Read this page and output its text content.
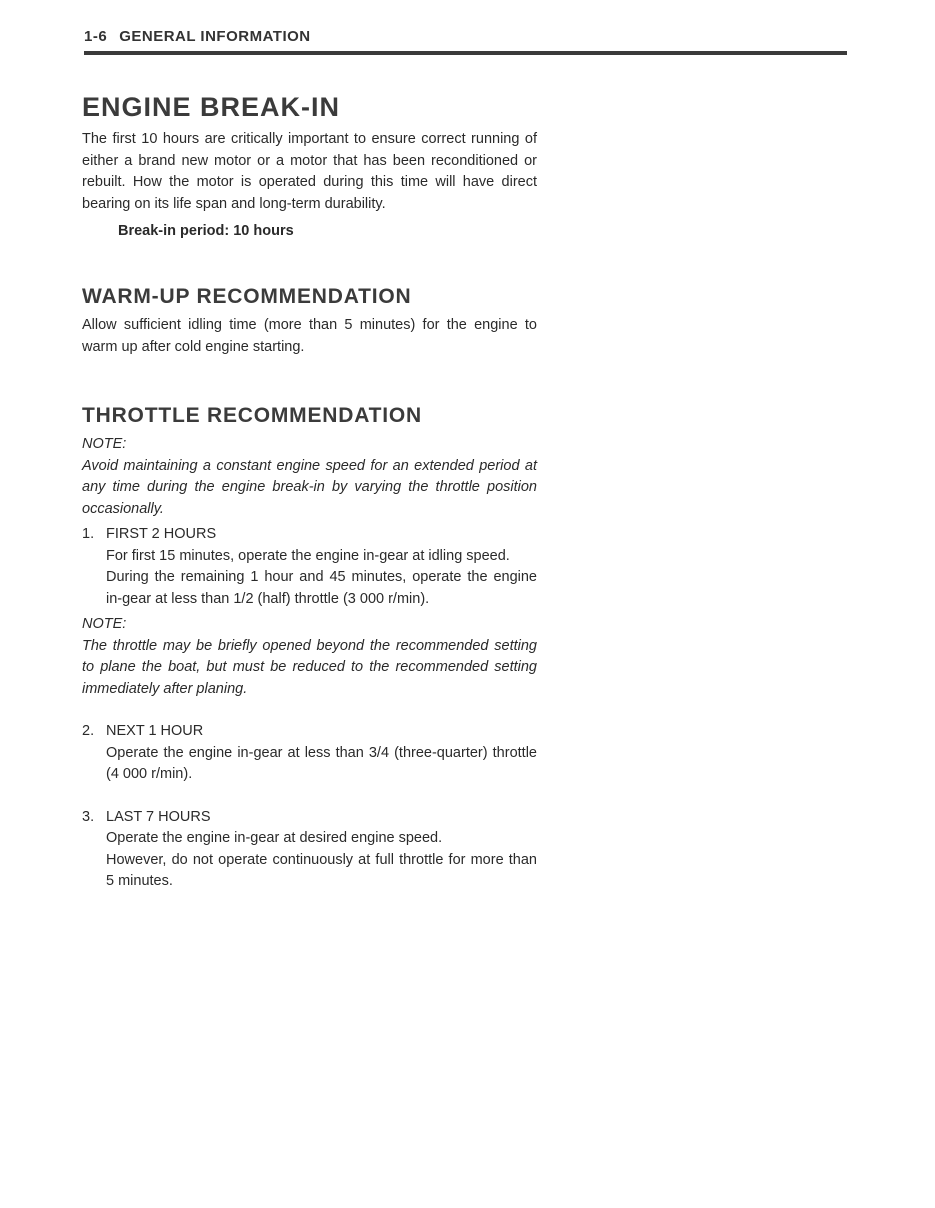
1-6 GENERAL INFORMATION
ENGINE BREAK-IN

The first 10 hours are critically important to ensure correct running of either a brand new motor or a motor that has been reconditioned or rebuilt. How the motor is operated during this time will have direct bearing on its life span and long-term durability.

Break-in period: 10 hours
WARM-UP RECOMMENDATION

Allow sufficient idling time (more than 5 minutes) for the engine to warm up after cold engine starting.

THROTTLE RECOMMENDATION
NOTE:
Avoid maintaining a constant engine speed for an extended period at any time during the engine break-in by varying the throttle position occasionally.
1. FIRST 2 HOURS

For first 15 minutes, operate the engine in-gear at idling speed.

During the remaining 1 hour and 45 minutes, operate the engine in-gear at less than 1/2 (half) throttle (3 000 r/min).

NOTE:
The throttle may be briefly opened beyond the recommended setting to plane the boat, but must be reduced to the recommended setting immediately after planing.
2. NEXT 1 HOUR

Operate the engine in-gear at less than 3/4 (three-quarter) throttle (4 000 r/min).

3. LAST 7 HOURS

Operate the engine in-gear at desired engine speed.

However, do not operate continuously at full throttle for more than 5 minutes.
